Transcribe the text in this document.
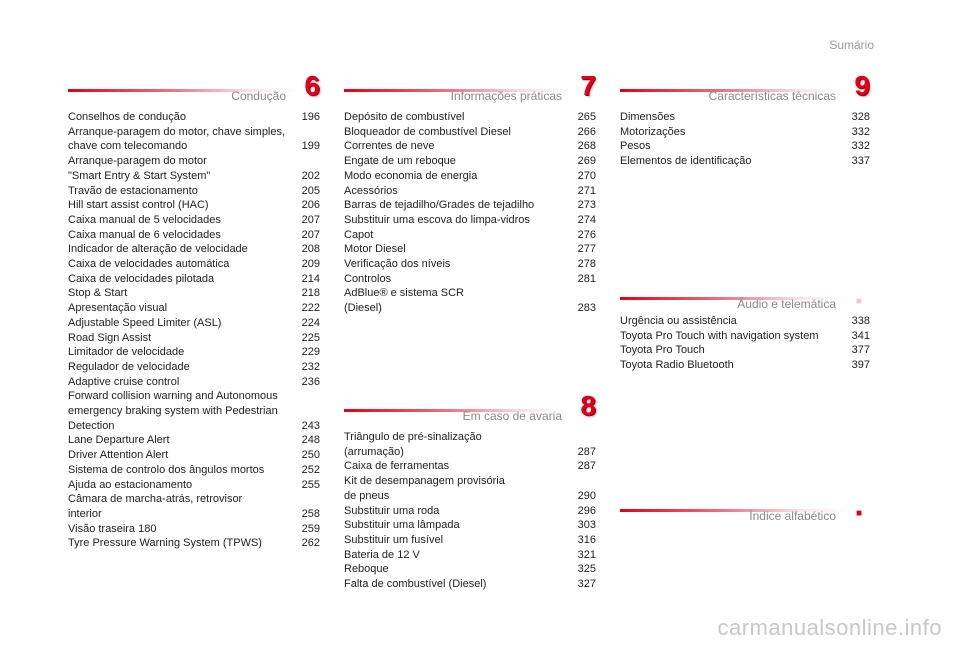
Sumário
Condução 6
Conselhos de condução	196
Arranque-paragem do motor, chave simples,
chave com telecomando	199
Arranque-paragem do motor
"Smart Entry & Start System"	202
Travão de estacionamento	205
Hill start assist control (HAC)	206
Caixa manual de 5 velocidades	207
Caixa manual de 6 velocidades	207
Indicador de alteração de velocidade	208
Caixa de velocidades automática	209
Caixa de velocidades pilotada	214
Stop & Start	218
Apresentação visual	222
Adjustable Speed Limiter (ASL)	224
Road Sign Assist	225
Limitador de velocidade	229
Regulador de velocidade	232
Adaptive cruise control	236
Forward collision warning and Autonomous
emergency braking system with Pedestrian
Detection	243
Lane Departure Alert	248
Driver Attention Alert	250
Sistema de controlo dos ângulos mortos	252
Ajuda ao estacionamento	255
Câmara de marcha-atrás, retrovisor
interior	258
Visão traseira 180	259
Tyre Pressure Warning System (TPWS)	262
Informações práticas 7
Depósito de combustível	265
Bloqueador de combustível Diesel	266
Correntes de neve	268
Engate de um reboque	269
Modo economia de energia	270
Acessórios	271
Barras de tejadilho/Grades de tejadilho	273
Substituir uma escova do limpa-vidros	274
Capot	276
Motor Diesel	277
Verificação dos níveis	278
Controlos	281
AdBlue® e sistema SCR
(Diesel)	283
Em caso de avaria 8
Triângulo de pré-sinalização
(arrumação)	287
Caixa de ferramentas	287
Kit de desempanagem provisória
de pneus	290
Substituir uma roda	296
Substituir uma lâmpada	303
Substituir um fusível	316
Bateria de 12 V	321
Reboque	325
Falta de combustível (Diesel)	327
Características técnicas 9
Dimensões	328
Motorizações	332
Pesos	332
Elementos de identificação	337
Áudio e telemática ■
Urgência ou assistência	338
Toyota Pro Touch with navigation system	341
Toyota Pro Touch	377
Toyota Radio Bluetooth	397
Índice alfabético ■
carmanualsonline.info
